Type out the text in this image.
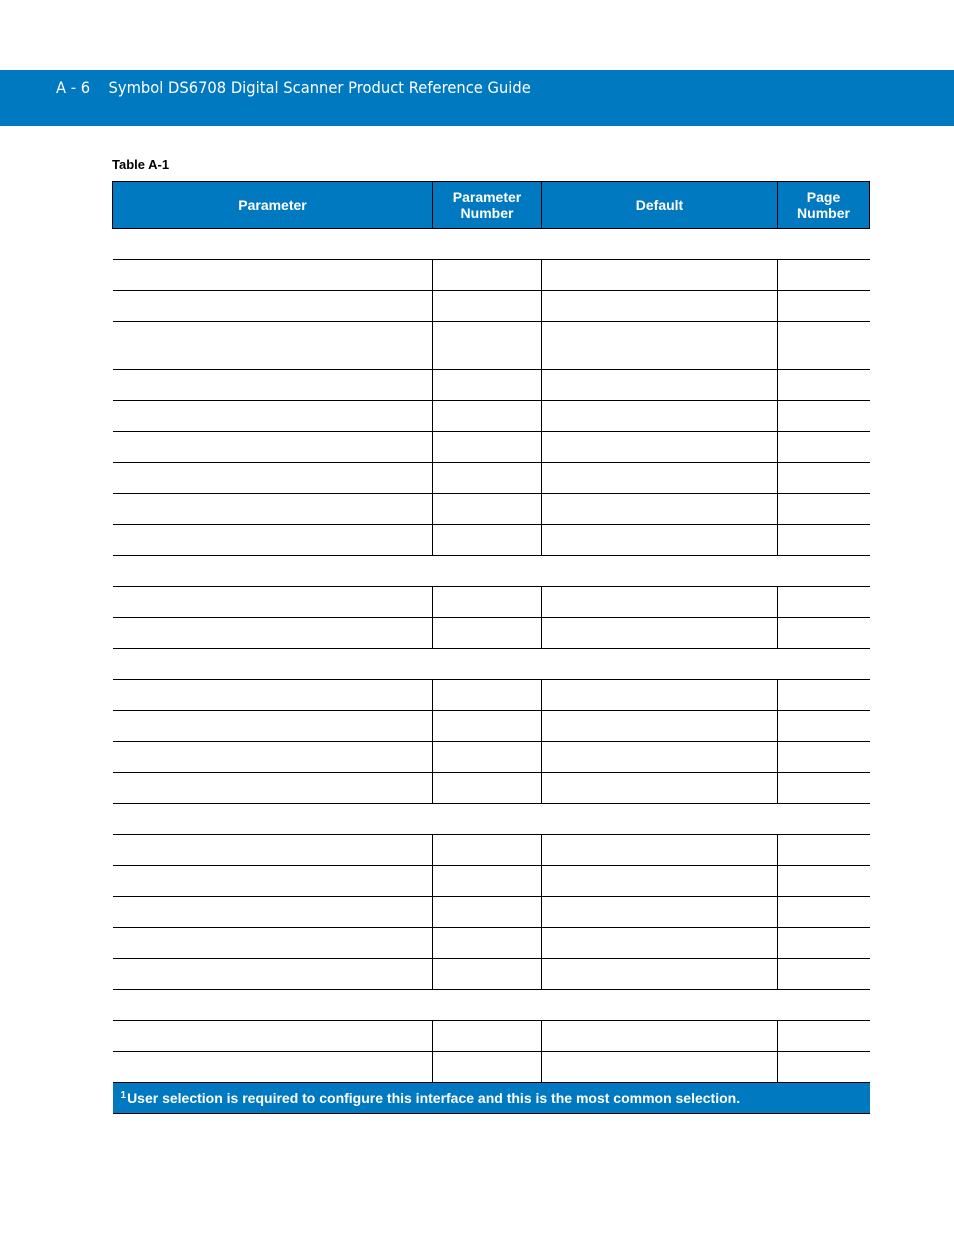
A - 6 Symbol DS6708 Digital Scanner Product Reference Guide
Table A-1
Parameter	Parameter Number	Default	Page Number

$^1$User selection is required to configure this interface and this is the most common selection.			
